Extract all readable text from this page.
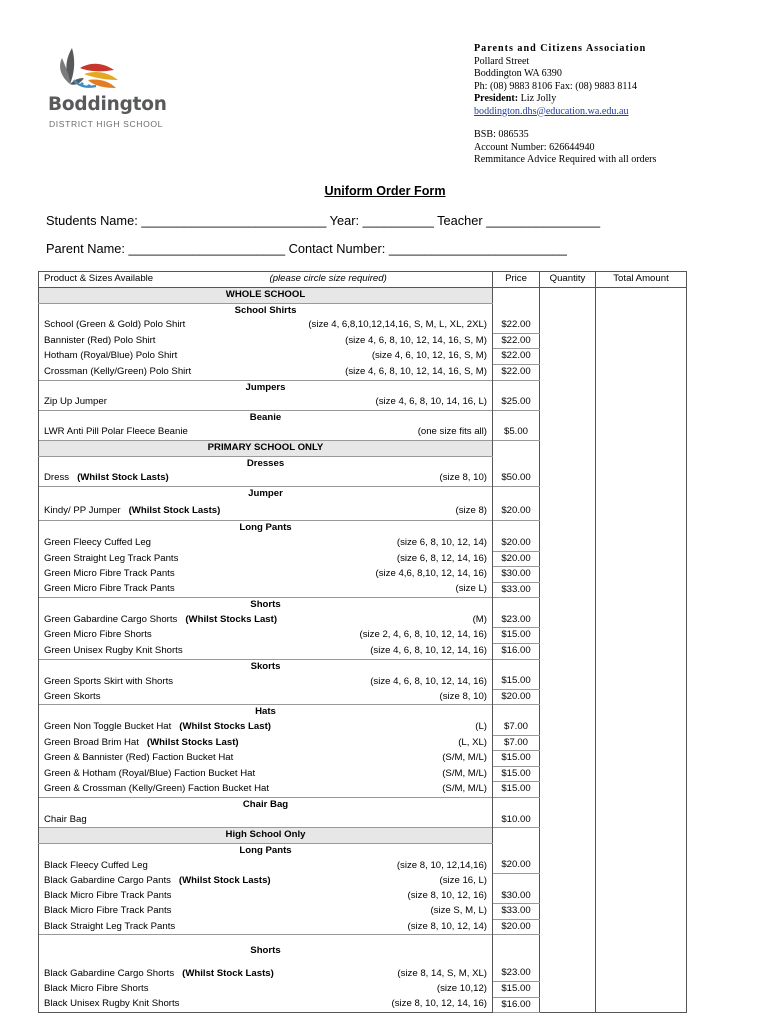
Boddington
DISTRICT HIGH SCHOOL
Parents and Citizens Association
Pollard Street
Boddington WA 6390
Ph: (08) 9883 8106 Fax: (08) 9883 8114
President: Liz Jolly
boddington.dhs@education.wa.edu.au
BSB: 086535
Account Number: 626644940
Remmitance Advice Required with all orders
Uniform Order Form
Students Name: __________________________ Year: __________ Teacher ________________
Parent Name: ______________________ Contact Number: _________________________
Product & Sizes Available	(please circle size required)	Price	Quantity	Total Amount
WHOLE SCHOOL				
School Shirts				
School (Green & Gold) Polo Shirt	(size 4, 6,8,10,12,14,16, S, M, L, XL, 2XL)	$22.00		
Bannister (Red) Polo Shirt	(size 4, 6, 8, 10, 12, 14, 16, S, M)	$22.00		
Hotham (Royal/Blue) Polo Shirt	(size 4, 6, 10, 12, 16, S, M)	$22.00		
Crossman (Kelly/Green) Polo Shirt	(size 4, 6, 8, 10, 12, 14, 16, S, M)	$22.00		
Jumpers				
Zip Up Jumper	(size 4, 6, 8, 10, 14, 16, L)	$25.00		
Beanie				
LWR Anti Pill Polar Fleece Beanie	(one size fits all)	$5.00		
PRIMARY SCHOOL ONLY				
Dresses				
Dress (Whilst Stock Lasts)	(size 8, 10)	$50.00		
Jumper				
Kindy/ PP Jumper (Whilst Stock Lasts)	(size 8)	$20.00		
Long Pants				
Green Fleecy Cuffed Leg	(size 6, 8, 10, 12, 14)	$20.00		
Green Straight Leg Track Pants	(size 6, 8, 12, 14, 16)	$20.00		
Green Micro Fibre Track Pants	(size 4,6, 8,10, 12, 14, 16)	$30.00		
Green Micro Fibre Track Pants	(size L)	$33.00		
Shorts				
Green Gabardine Cargo Shorts (Whilst Stocks Last)	(M)	$23.00		
Green Micro Fibre Shorts	(size 2, 4, 6, 8, 10, 12, 14, 16)	$15.00		
Green Unisex Rugby Knit Shorts	(size 4, 6, 8, 10, 12, 14, 16)	$16.00		
Skorts				
Green Sports Skirt with Shorts	(size 4, 6, 8, 10, 12, 14, 16)	$15.00		
Green Skorts	(size 8, 10)	$20.00		
Hats				
Green Non Toggle Bucket Hat (Whilst Stocks Last)	(L)	$7.00		
Green Broad Brim Hat (Whilst Stocks Last)	(L, XL)	$7.00		
Green & Bannister (Red) Faction Bucket Hat	(S/M, M/L)	$15.00		
Green & Hotham (Royal/Blue) Faction Bucket Hat	(S/M, M/L)	$15.00		
Green & Crossman (Kelly/Green) Faction Bucket Hat	(S/M, M/L)	$15.00		
Chair Bag				
Chair Bag		$10.00		
High School Only				
Long Pants				
Black Fleecy Cuffed Leg	(size 8, 10, 12,14,16)	$20.00		
Black Gabardine Cargo Pants (Whilst Stock Lasts)	(size 16, L)			
Black Micro Fibre Track Pants	(size 8, 10, 12, 16)	$30.00		
Black Micro Fibre Track Pants	(size S, M, L)	$33.00		
Black Straight Leg Track Pants	(size 8, 10, 12, 14)	$20.00		
Shorts				
Black Gabardine Cargo Shorts (Whilst Stock Lasts)	(size 8, 14, S, M, XL)	$23.00		
Black Micro Fibre Shorts	(size 10,12)	$15.00		
Black Unisex Rugby Knit Shorts	(size 8, 10, 12, 14, 16)	$16.00		
